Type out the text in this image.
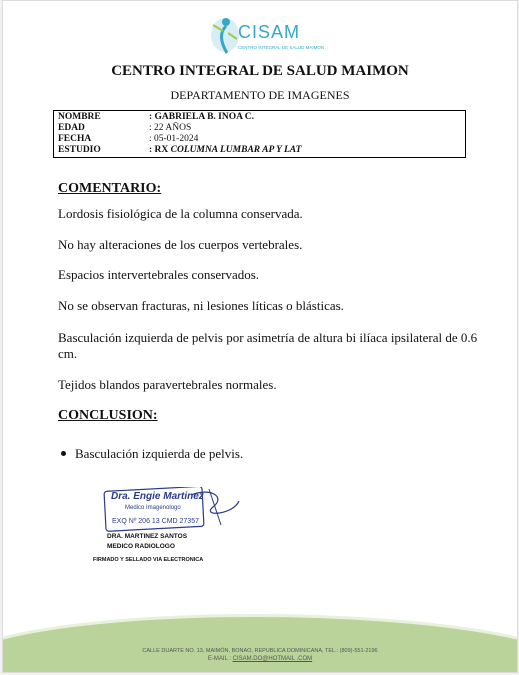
CISAM
CENTRO INTEGRAL DE SALUD MAIMON
CENTRO INTEGRAL DE SALUD MAIMON
DEPARTAMENTO DE IMAGENES
NOMBRE	: GABRIELA B. INOA C.
EDAD	: 22 AÑOS
FECHA	: 05-01-2024
ESTUDIO	: RX COLUMNA LUMBAR AP Y LAT
COMENTARIO:
Lordosis fisiológica de la columna conservada.
No hay alteraciones de los cuerpos vertebrales.
Espacios intervertebrales conservados.
No se observan fracturas, ni lesiones líticas o blásticas.
Basculación izquierda de pelvis por asimetría de altura bi ilíaca ipsilateral de 0.6 cm.
Tejidos blandos paravertebrales normales.
CONCLUSION:
Basculación izquierda de pelvis.
Dra. Engie Martinez
Medico Imagenologo
EXQ Nº 206 13 CMD 27357
DRA. MARTINEZ SANTOS
MEDICO RADIOLOGO
FIRMADO Y SELLADO VIA ELECTRONICA
CALLE DUARTE NO. 13, MAIMÓN, BONAO, REPUBLICA DOMINICANA, TEL.: (809)-551-2196
E-MAIL : CISAM.DO@HOTMAIL .COM
